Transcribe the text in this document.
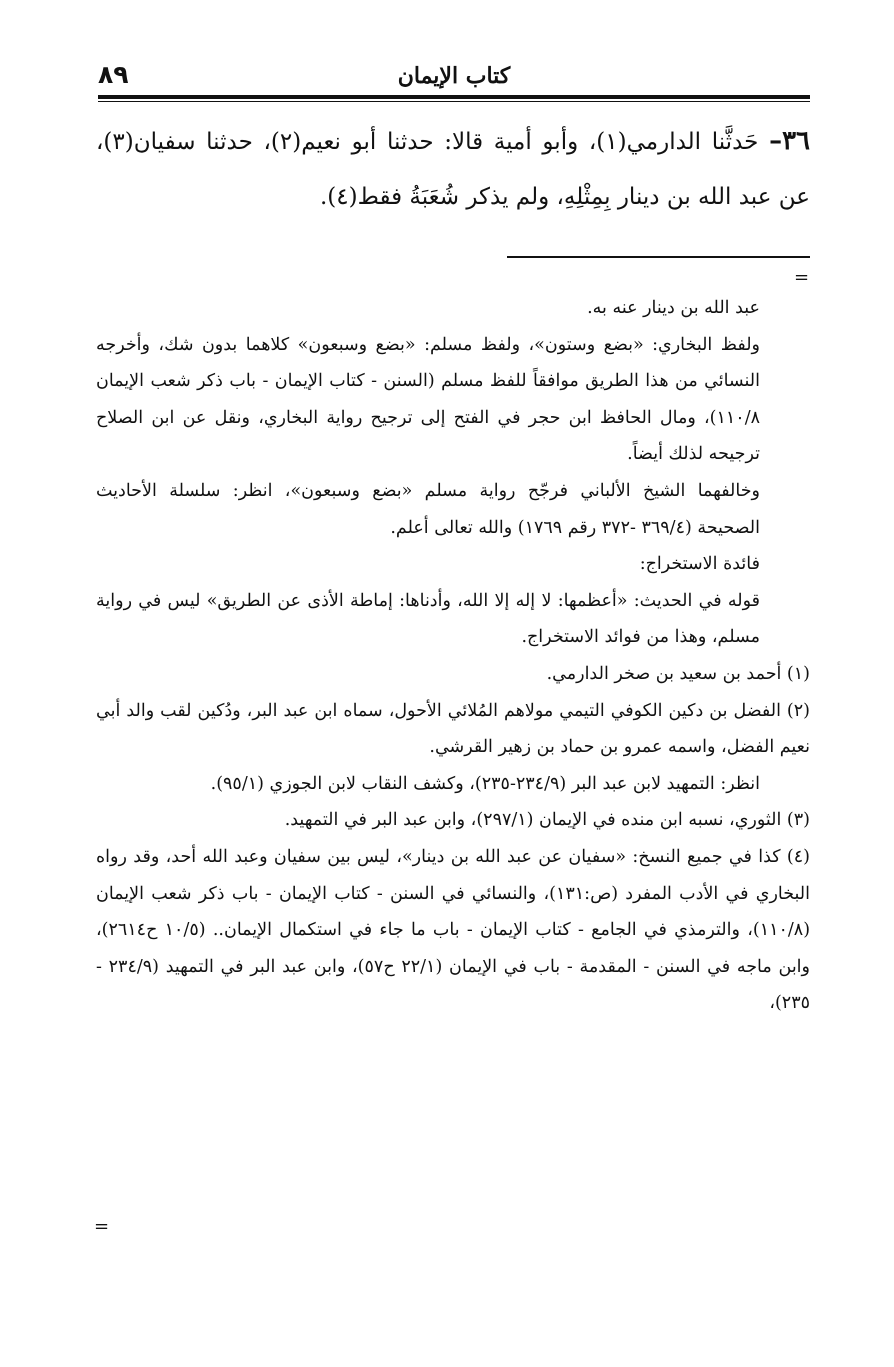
٨٩	كتاب الإيمان
٣٦– حَدثَّنا الدارمي(١)، وأبو أمية قالا: حدثنا أبو نعيم(٢)، حدثنا سفيان(٣)، عن عبد الله بن دينار بِمِثْلِهِ، ولم يذكر شُعَبَةُ فقط(٤).
=

عبد الله بن دينار عنه به.

ولفظ البخاري: «بضع وستون»، ولفظ مسلم: «بضع وسبعون» كلاهما بدون شك، وأخرجه النسائي من هذا الطريق موافقاً للفظ مسلم (السنن - كتاب الإيمان - باب ذكر شعب الإيمان ١١٠/٨)، ومال الحافظ ابن حجر في الفتح إلى ترجيح رواية البخاري، ونقل عن ابن الصلاح ترجيحه لذلك أيضاً.

وخالفهما الشيخ الألباني فرجّح رواية مسلم «بضع وسبعون»، انظر: سلسلة الأحاديث الصحيحة (٣٦٩/٤ -٣٧٢ رقم ١٧٦٩) والله تعالى أعلم.

فائدة الاستخراج:

قوله في الحديث: «أعظمها: لا إله إلا الله، وأدناها: إماطة الأذى عن الطريق» ليس في رواية مسلم، وهذا من فوائد الاستخراج.

(١) أحمد بن سعيد بن صخر الدارمي.

(٢) الفضل بن دكين الكوفي التيمي مولاهم المُلائي الأحول، سماه ابن عبد البر، ودُكين لقب والد أبي نعيم الفضل، واسمه عمرو بن حماد بن زهير القرشي.

انظر: التمهيد لابن عبد البر (٢٣٤/٩-٢٣٥)، وكشف النقاب لابن الجوزي (٩٥/١).

(٣) الثوري، نسبه ابن منده في الإيمان (٢٩٧/١)، وابن عبد البر في التمهيد.

(٤) كذا في جميع النسخ: «سفيان عن عبد الله بن دينار»، ليس بين سفيان وعبد الله أحد، وقد رواه البخاري في الأدب المفرد (ص:١٣١)، والنسائي في السنن - كتاب الإيمان - باب ذكر شعب الإيمان (١١٠/٨)، والترمذي في الجامع - كتاب الإيمان - باب ما جاء في استكمال الإيمان.. (١٠/٥ ح٢٦١٤)، وابن ماجه في السنن - المقدمة - باب في الإيمان (٢٢/١ ح٥٧)، وابن عبد البر في التمهيد (٢٣٤/٩ - ٢٣٥)،

=
